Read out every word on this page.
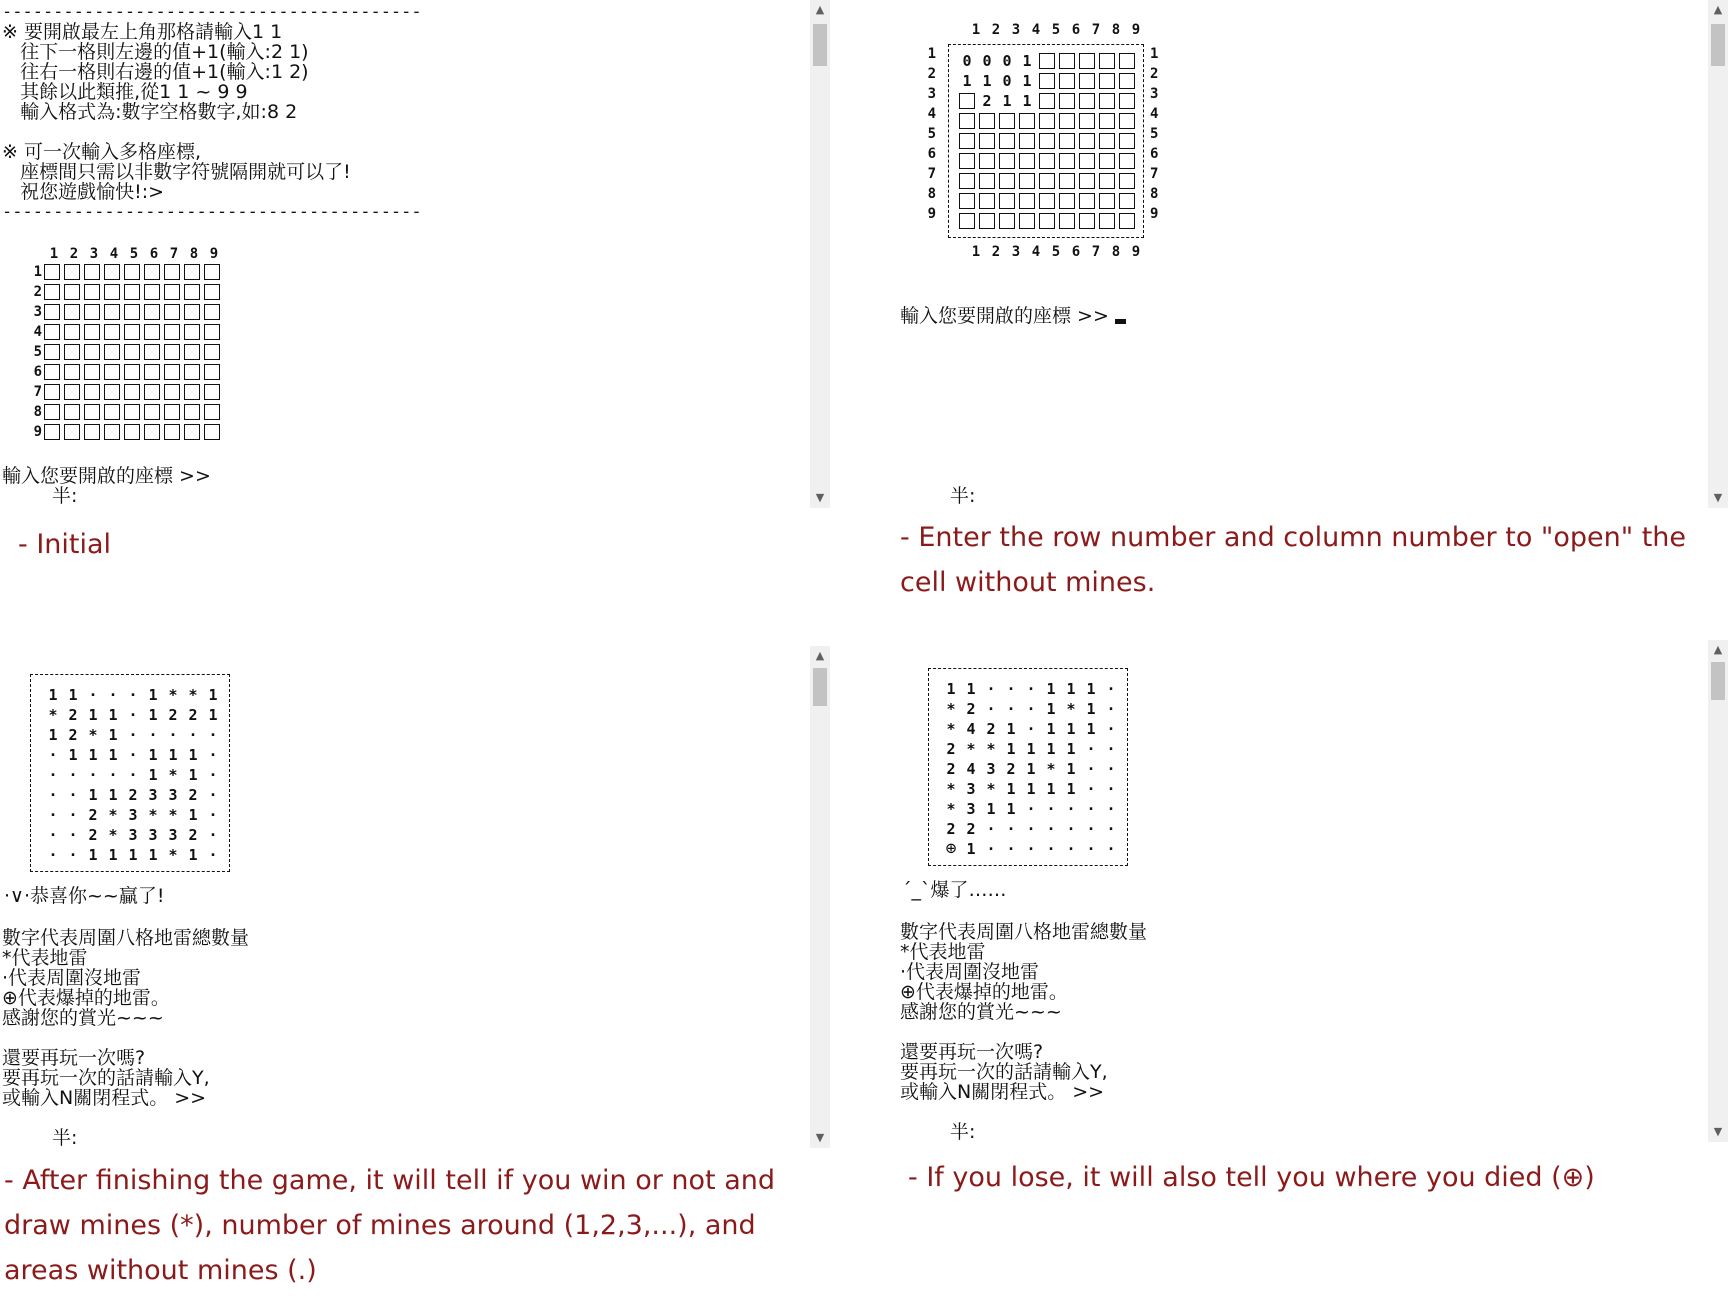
-----------------------------------------
※ 要開啟最左上角那格請輸入1 1
往下一格則左邊的值+1(輸入:2 1)
往右一格則右邊的值+1(輸入:1 2)
其餘以此類推,從1 1 ~ 9 9
輸入格式為:數字空格數字,如:8 2

※ 可一次輸入多格座標,
座標間只需以非數字符號隔開就可以了!
祝您遊戲愉快!:>
-----------------------------------------
1 2 3 4 5 6 7 8 9
1
2
3
4
5
6
7
8
9
輸入您要開啟的座標 >>
半:
▲
▼
- Initial
1 2 3 4 5 6 7 8 9
1
2
3
4
5
6
7
8
9
0 0 0 1
1 1 0 1
2 1 1
1
2
3
4
5
6
7
8
9
1 2 3 4 5 6 7 8 9
輸入您要開啟的座標 >>
半:
▲
▼
- Enter the row number and column number to "open" the cell without mines.
1 1 · · · 1 * * 1
* 2 1 1 · 1 2 2 1
1 2 * 1 · · · · ·
· 1 1 1 · 1 1 1 ·
· · · · · 1 * 1 ·
· · 1 1 2 3 3 2 ·
· · 2 * 3 * * 1 ·
· · 2 * 3 3 3 2 ·
· · 1 1 1 1 * 1 ·
·∨·恭喜你~~贏了!
數字代表周圍八格地雷總數量
*代表地雷
·代表周圍沒地雷
⊕代表爆掉的地雷。
感謝您的賞光~~~
還要再玩一次嗎?
要再玩一次的話請輸入Y,
或輸入N關閉程式。 >>
半:
▲
▼
- After finishing the game, it will tell if you win or not and draw mines (*), number of mines around (1,2,3,...), and areas without mines (.)
1 1 · · · 1 1 1 ·
* 2 · · · 1 * 1 ·
* 4 2 1 · 1 1 1 ·
2 * * 1 1 1 1 · ·
2 4 3 2 1 * 1 · ·
* 3 * 1 1 1 1 · ·
* 3 1 1 · · · · ·
2 2 · · · · · · ·
⊕ 1 · · · · · · ·
ˊ_ˋ爆了……
數字代表周圍八格地雷總數量
*代表地雷
·代表周圍沒地雷
⊕代表爆掉的地雷。
感謝您的賞光~~~
還要再玩一次嗎?
要再玩一次的話請輸入Y,
或輸入N關閉程式。 >>
半:
▲
▼
- If you lose, it will also tell you where you died (⊕)
